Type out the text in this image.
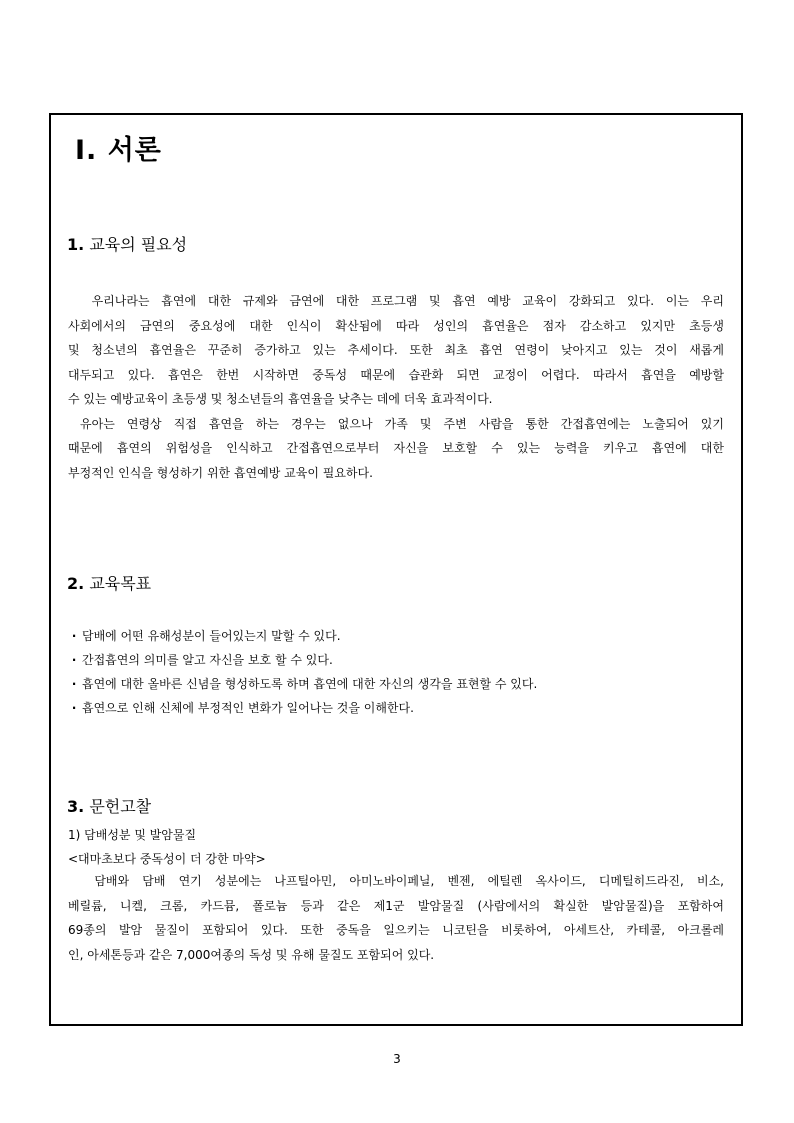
Ⅰ. 서론
1. 교육의 필요성

우리나라는 흡연에 대한 규제와 금연에 대한 프로그램 및 흡연 예방 교육이 강화되고 있다. 이는 우리
사회에서의 금연의 중요성에 대한 인식이 확산됨에 따라 성인의 흡연율은 점자 감소하고 있지만 초등생
및 청소년의 흡연율은 꾸준히 증가하고 있는 추세이다. 또한 최초 흡연 연령이 낮아지고 있는 것이 새롭게
대두되고 있다. 흡연은 한번 시작하면 중독성 때문에 습관화 되면 교정이 어렵다. 따라서 흡연을 예방할
수 있는 예방교육이 초등생 및 청소년들의 흡연율을 낮추는 데에 더욱 효과적이다.
유아는 연령상 직접 흡연을 하는 경우는 없으나 가족 및 주변 사람을 통한 간접흡연에는 노출되어 있기
때문에 흡연의 위험성을 인식하고 간접흡연으로부터 자신을 보호할 수 있는 능력을 키우고 흡연에 대한
부정적인 인식을 형성하기 위한 흡연예방 교육이 필요하다.

2. 교육목표
‧ 담배에 어떤 유해성분이 들어있는지 말할 수 있다.
‧ 간접흡연의 의미를 알고 자신을 보호 할 수 있다.
‧ 흡연에 대한 올바른 신념을 형성하도록 하며 흡연에 대한 자신의 생각을 표현할 수 있다.
‧ 흡연으로 인해 신체에 부정적인 변화가 일어나는 것을 이해한다.
3. 문헌고찰

1) 담배성분 및 발암물질

<대마초보다 중독성이 더 강한 마약>

담배와 담배 연기 성분에는 나프틸아민, 아미노바이페닐, 벤젠, 에틸렌 옥사이드, 디메틸히드라진, 비소,
베릴륨, 니켈, 크롬, 카드뮴, 폴로늄 등과 같은 제1군 발암물질 (사람에서의 확실한 발암물질)을 포함하여
69종의 발암 물질이 포함되어 있다. 또한 중독을 일으키는 니코틴을 비롯하여, 아세트산, 카테콜, 아크롤레
인, 아세톤등과 같은 7,000여종의 독성 및 유해 물질도 포함되어 있다.

3
